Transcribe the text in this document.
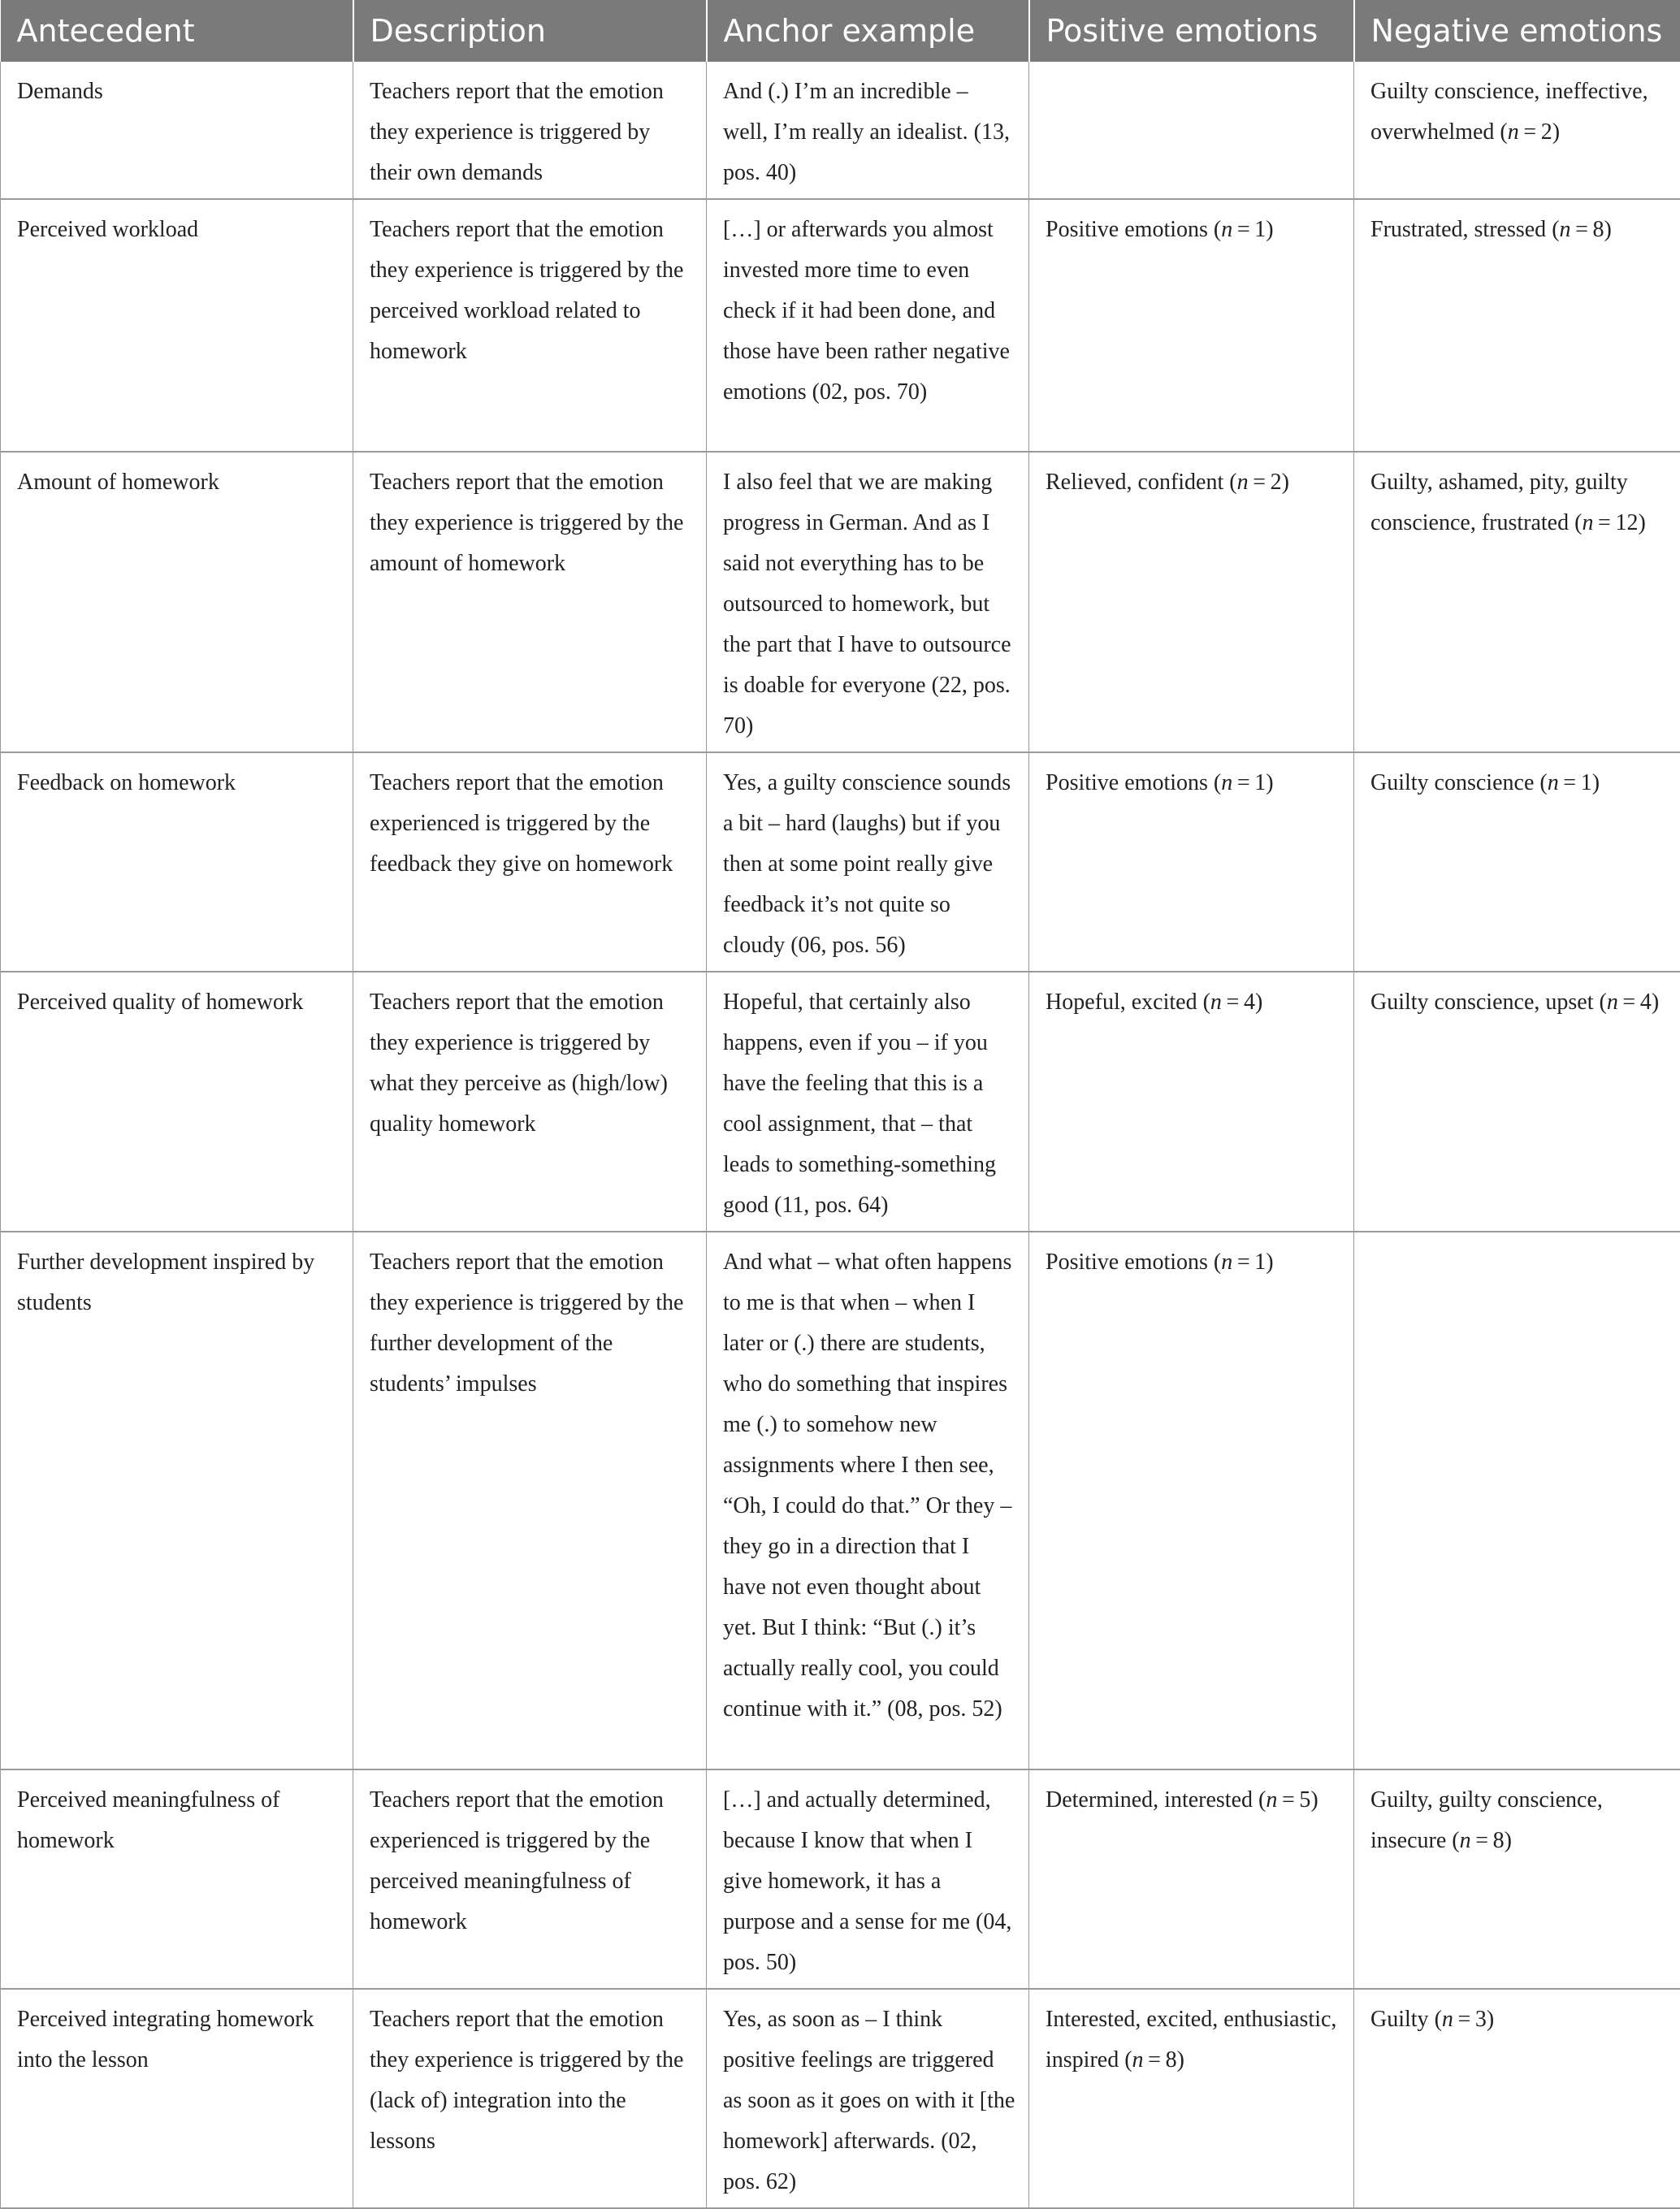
Antecedent	Description	Anchor example	Positive emotions	Negative emotions
Demands	Teachers report that the emotion they experience is triggered by their own demands	And (.) I’m an incredible – well, I’m really an idealist. (13, pos. 40)		Guilty conscience, ineffective, overwhelmed (n = 2)
Perceived workload	Teachers report that the emotion they experience is triggered by the perceived workload related to homework	[…] or afterwards you almost invested more time to even check if it had been done, and those have been rather negative emotions (02, pos. 70)	Positive emotions (n = 1)	Frustrated, stressed (n = 8)
Amount of homework	Teachers report that the emotion they experience is triggered by the amount of homework	I also feel that we are making progress in German. And as I said not everything has to be outsourced to homework, but the part that I have to outsource is doable for everyone (22, pos. 70)	Relieved, confident (n = 2)	Guilty, ashamed, pity, guilty conscience, frustrated (n = 12)
Feedback on homework	Teachers report that the emotion experienced is triggered by the feedback they give on homework	Yes, a guilty conscience sounds a bit – hard (laughs) but if you then at some point really give feedback it’s not quite so cloudy (06, pos. 56)	Positive emotions (n = 1)	Guilty conscience (n = 1)
Perceived quality of homework	Teachers report that the emotion they experience is triggered by what they perceive as (high/low) quality homework	Hopeful, that certainly also happens, even if you – if you have the feeling that this is a cool assignment, that – that leads to something-something good (11, pos. 64)	Hopeful, excited (n = 4)	Guilty conscience, upset (n = 4)
Further development inspired by students	Teachers report that the emotion they experience is triggered by the further development of the students’ impulses	And what – what often happens to me is that when – when I later or (.) there are students, who do something that inspires me (.) to somehow new assignments where I then see, “Oh, I could do that.” Or they – they go in a direction that I have not even thought about yet. But I think: “But (.) it’s actually really cool, you could continue with it.” (08, pos. 52)	Positive emotions (n = 1)	
Perceived meaningfulness of homework	Teachers report that the emotion experienced is triggered by the perceived meaningfulness of homework	[…] and actually determined, because I know that when I give homework, it has a purpose and a sense for me (04, pos. 50)	Determined, interested (n = 5)	Guilty, guilty conscience, insecure (n = 8)
Perceived integrating homework into the lesson	Teachers report that the emotion they experience is triggered by the (lack of) integration into the lessons	Yes, as soon as – I think positive feelings are triggered as soon as it goes on with it [the homework] afterwards. (02, pos. 62)	Interested, excited, enthusiastic, inspired (n = 8)	Guilty (n = 3)
